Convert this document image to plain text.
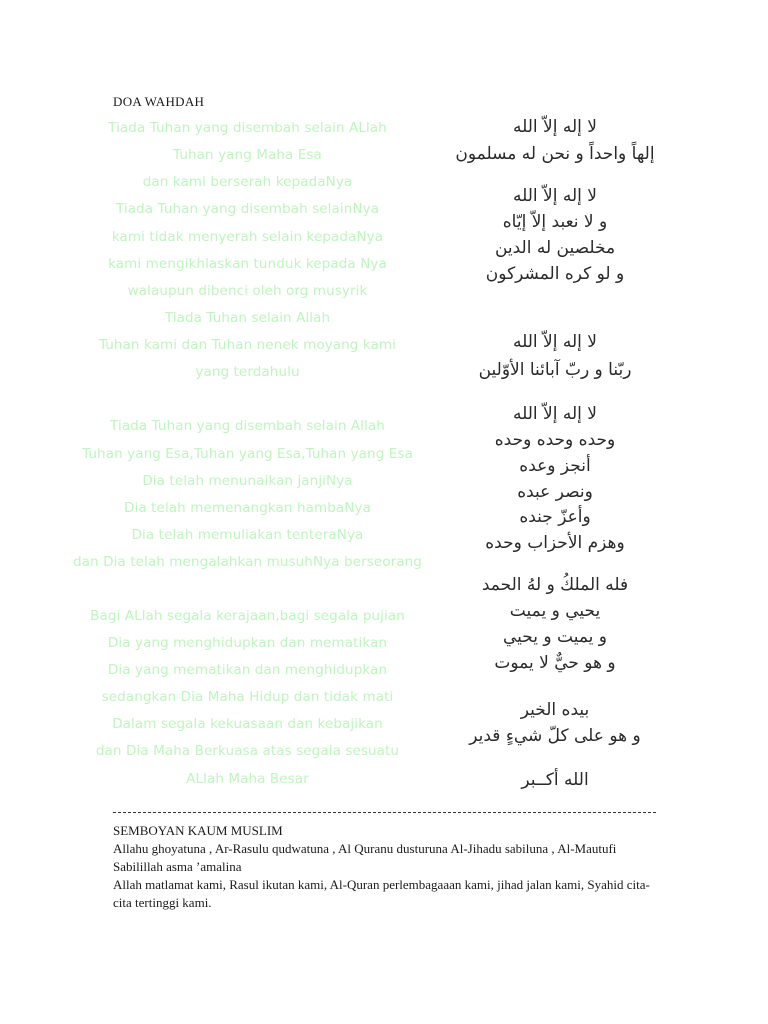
DOA WAHDAH
Tiada Tuhan yang disembah selain ALlah
Tuhan yang Maha Esa
dan kami berserah kepadaNya
Tiada Tuhan yang disembah selainNya
kami tidak menyerah selain kepadaNya
kami mengikhlaskan tunduk kepada Nya
walaupun dibenci oleh org musyrik
Tiada Tuhan selain Allah
Tuhan kami dan Tuhan nenek moyang kami
yang terdahulu
Tiada Tuhan yang disembah selain Allah
Tuhan yang Esa,Tuhan yang Esa,Tuhan yang Esa
Dia telah menunaikan janjiNya
Dia telah memenangkan hambaNya
Dia telah memuliakan tenteraNya
dan Dia telah mengalahkan musuhNya berseorang
Bagi ALlah segala kerajaan,bagi segala pujian
Dia yang menghidupkan dan mematikan
Dia yang mematikan dan menghidupkan
sedangkan Dia Maha Hidup dan tidak mati
Dalam segala kekuasaan dan kebajikan
dan Dia Maha Berkuasa atas segala sesuatu
ALlah Maha Besar
لا إله إلاّ الله
إلهاً واحداً و نحن له مسلمون
لا إله إلاّ الله
و لا نعبد إلاّ إيّاه
مخلصين له الدين
و لو كره المشركون
لا إله إلاّ الله
ربّنا و ربّ آبائنا الأوّلين
لا إله إلاّ الله
وحده وحده وحده
أنجز وعده
ونصر عبده
وأعزّ جنده
وهزم الأحزاب وحده
فله الملكُ و لهُ الحمد
يحيي و يميت
و يميت و يحيي
و هو حيٌّ لا يموت
بيده الخير
و هو على كلّ شيءٍ قدير
الله أكــبر

SEMBOYAN KAUM MUSLIM

Allahu ghoyatuna , Ar-Rasulu qudwatuna , Al Quranu dusturuna Al-Jihadu sabiluna , Al-Mautufi Sabilillah asma ’amalina

Allah matlamat kami, Rasul ikutan kami, Al-Quran perlembagaaan kami, jihad jalan kami, Syahid cita-cita tertinggi kami.
